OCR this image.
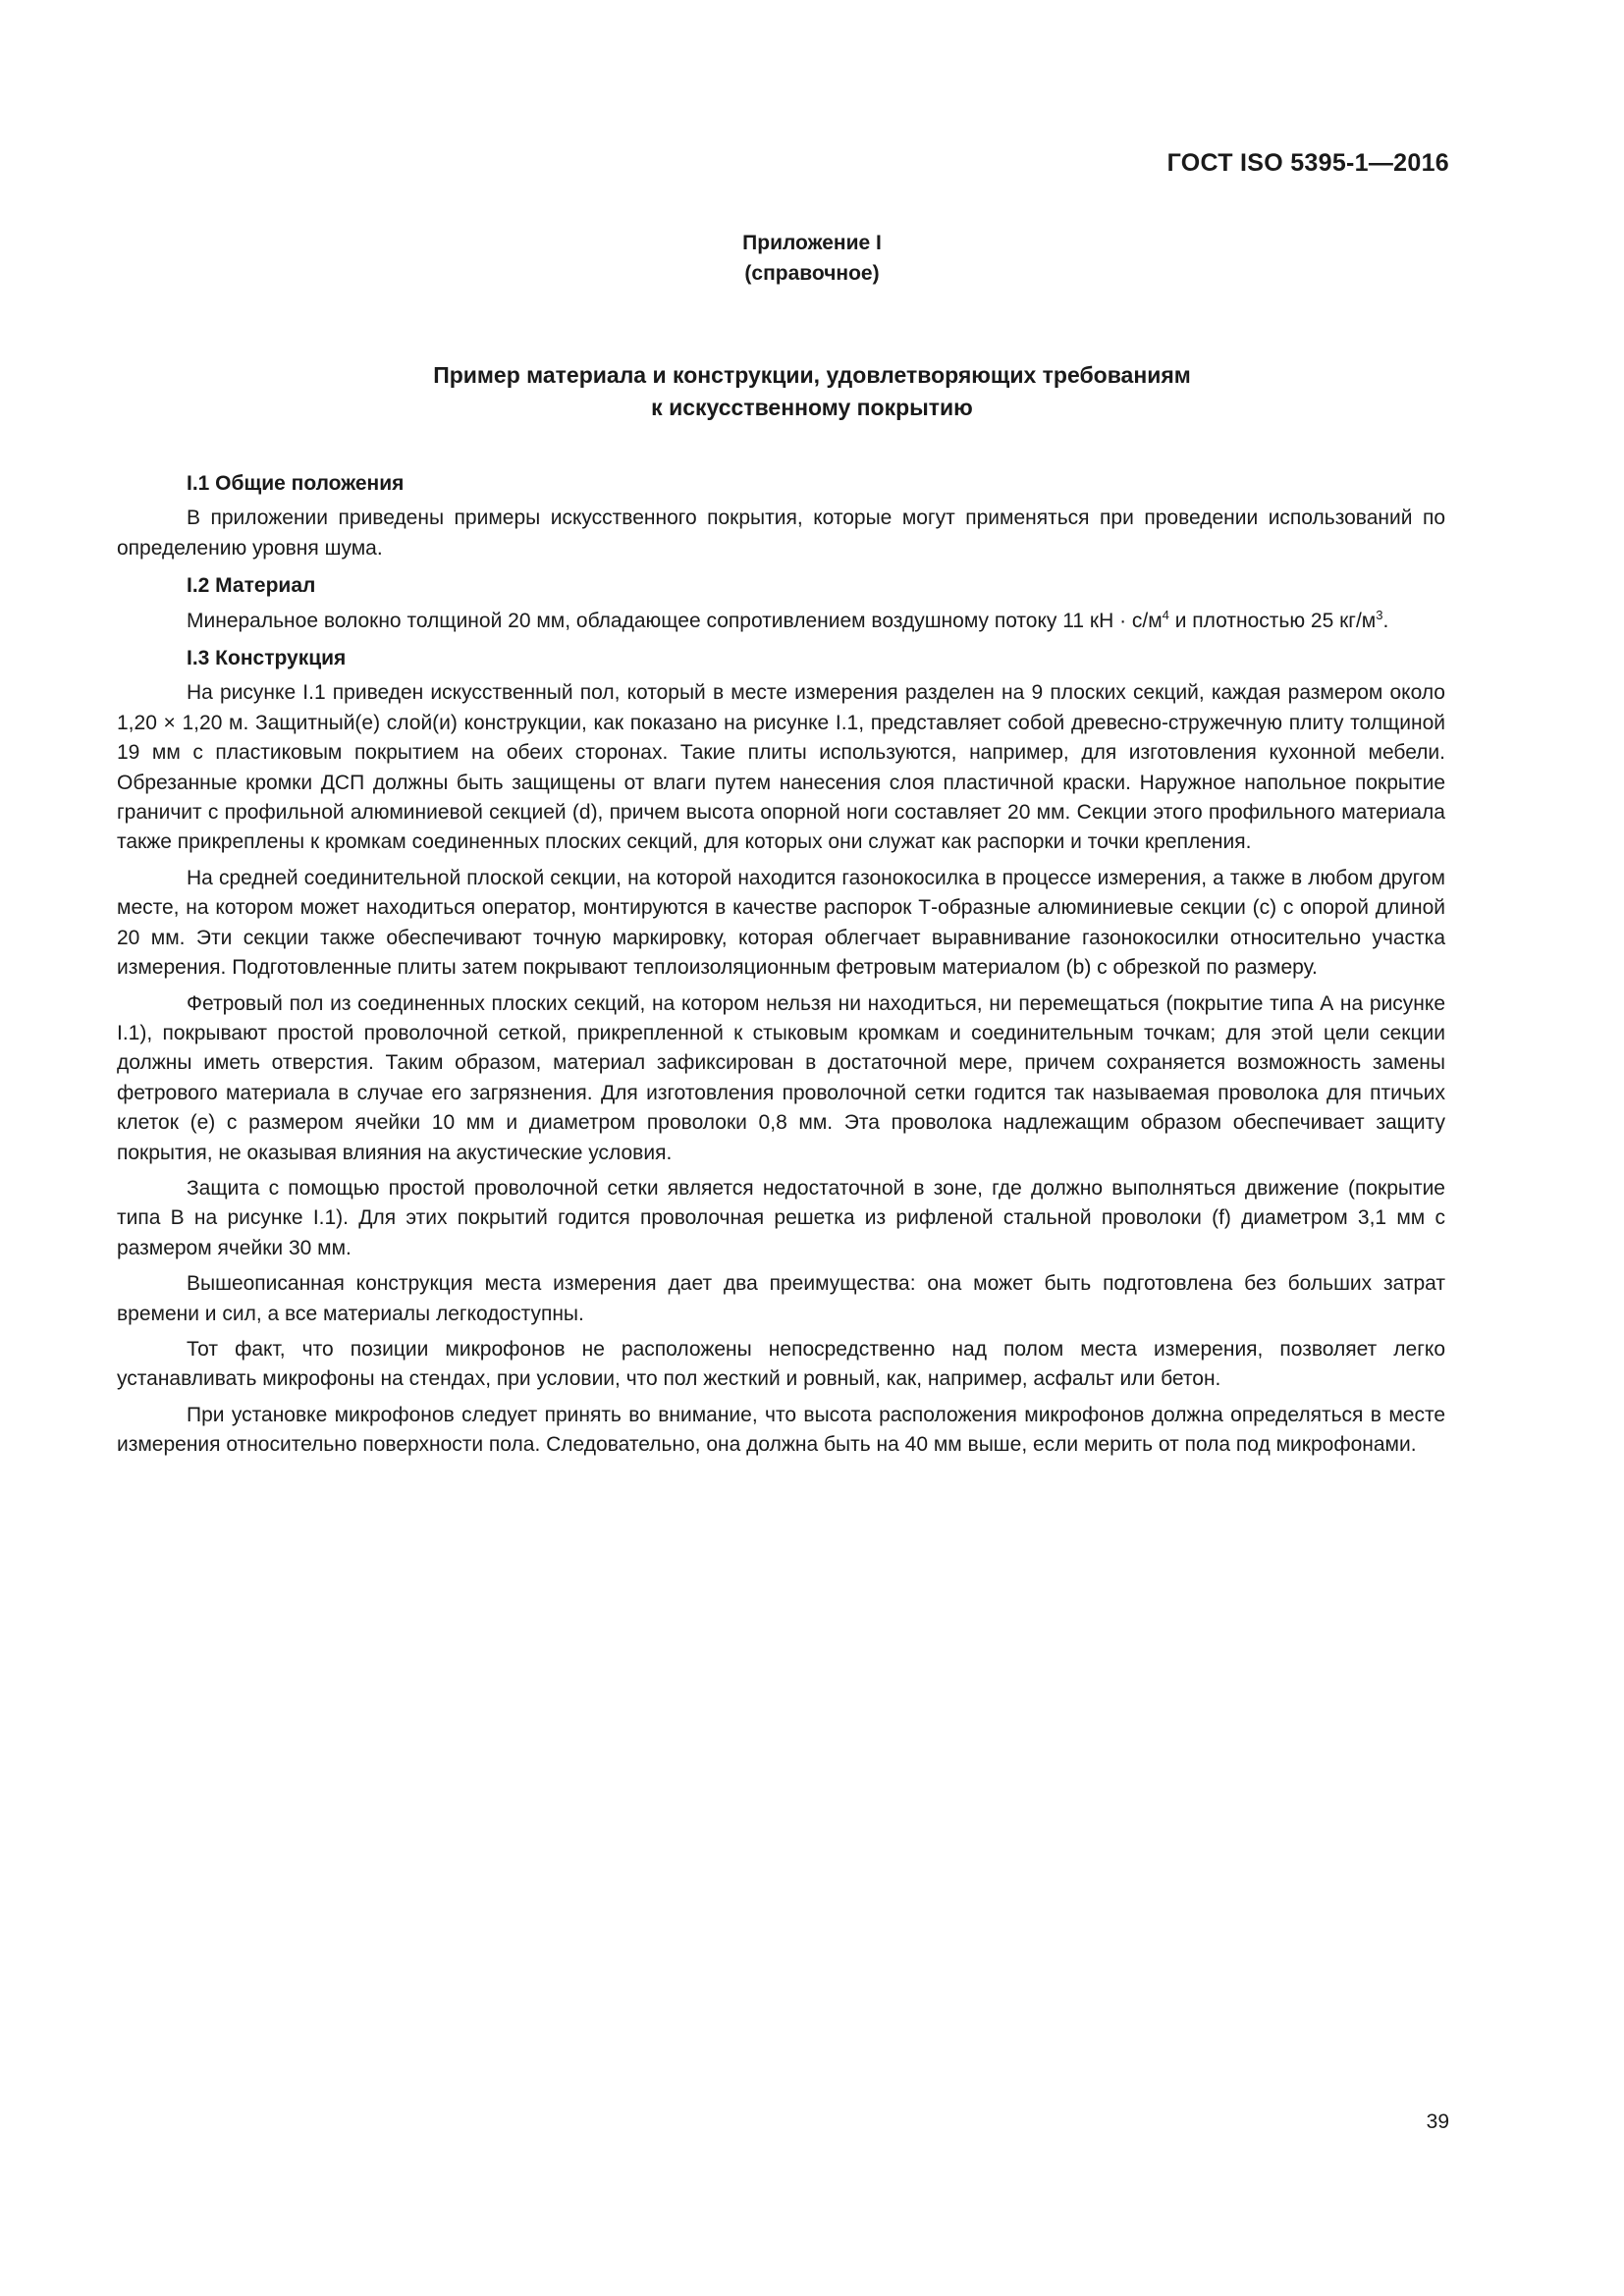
ГОСТ ISO 5395-1—2016
Приложение I
(справочное)
Пример материала и конструкции, удовлетворяющих требованиям
к искусственному покрытию
I.1 Общие положения

В приложении приведены примеры искусственного покрытия, которые могут применяться при проведении использований по определению уровня шума.

I.2 Материал

Минеральное волокно толщиной 20 мм, обладающее сопротивлением воздушному потоку 11 кН · $с/м^4$ и плотностью 25 $кг/м^3$.

I.3 Конструкция

На рисунке I.1 приведен искусственный пол, который в месте измерения разделен на 9 плоских секций, каждая размером около 1,20 × 1,20 м. Защитный(е) слой(и) конструкции, как показано на рисунке I.1, представляет собой древесно-стружечную плиту толщиной 19 мм с пластиковым покрытием на обеих сторонах. Такие плиты используются, например, для изготовления кухонной мебели. Обрезанные кромки ДСП должны быть защищены от влаги путем нанесения слоя пластичной краски. Наружное напольное покрытие граничит с профильной алюминиевой секцией (d), причем высота опорной ноги составляет 20 мм. Секции этого профильного материала также прикреплены к кромкам соединенных плоских секций, для которых они служат как распорки и точки крепления.

На средней соединительной плоской секции, на которой находится газонокосилка в процессе измерения, а также в любом другом месте, на котором может находиться оператор, монтируются в качестве распорок Т-образные алюминиевые секции (с) с опорой длиной 20 мм. Эти секции также обеспечивают точную маркировку, которая облегчает выравнивание газонокосилки относительно участка измерения. Подготовленные плиты затем покрывают теплоизоляционным фетровым материалом (b) с обрезкой по размеру.

Фетровый пол из соединенных плоских секций, на котором нельзя ни находиться, ни перемещаться (покрытие типа А на рисунке I.1), покрывают простой проволочной сеткой, прикрепленной к стыковым кромкам и соединительным точкам; для этой цели секции должны иметь отверстия. Таким образом, материал зафиксирован в достаточной мере, причем сохраняется возможность замены фетрового материала в случае его загрязнения. Для изготовления проволочной сетки годится так называемая проволока для птичьих клеток (е) с размером ячейки 10 мм и диаметром проволоки 0,8 мм. Эта проволока надлежащим образом обеспечивает защиту покрытия, не оказывая влияния на акустические условия.

Защита с помощью простой проволочной сетки является недостаточной в зоне, где должно выполняться движение (покрытие типа В на рисунке I.1). Для этих покрытий годится проволочная решетка из рифленой стальной проволоки (f) диаметром 3,1 мм с размером ячейки 30 мм.

Вышеописанная конструкция места измерения дает два преимущества: она может быть подготовлена без больших затрат времени и сил, а все материалы легкодоступны.

Тот факт, что позиции микрофонов не расположены непосредственно над полом места измерения, позволяет легко устанавливать микрофоны на стендах, при условии, что пол жесткий и ровный, как, например, асфальт или бетон.

При установке микрофонов следует принять во внимание, что высота расположения микрофонов должна определяться в месте измерения относительно поверхности пола. Следовательно, она должна быть на 40 мм выше, если мерить от пола под микрофонами.

39
